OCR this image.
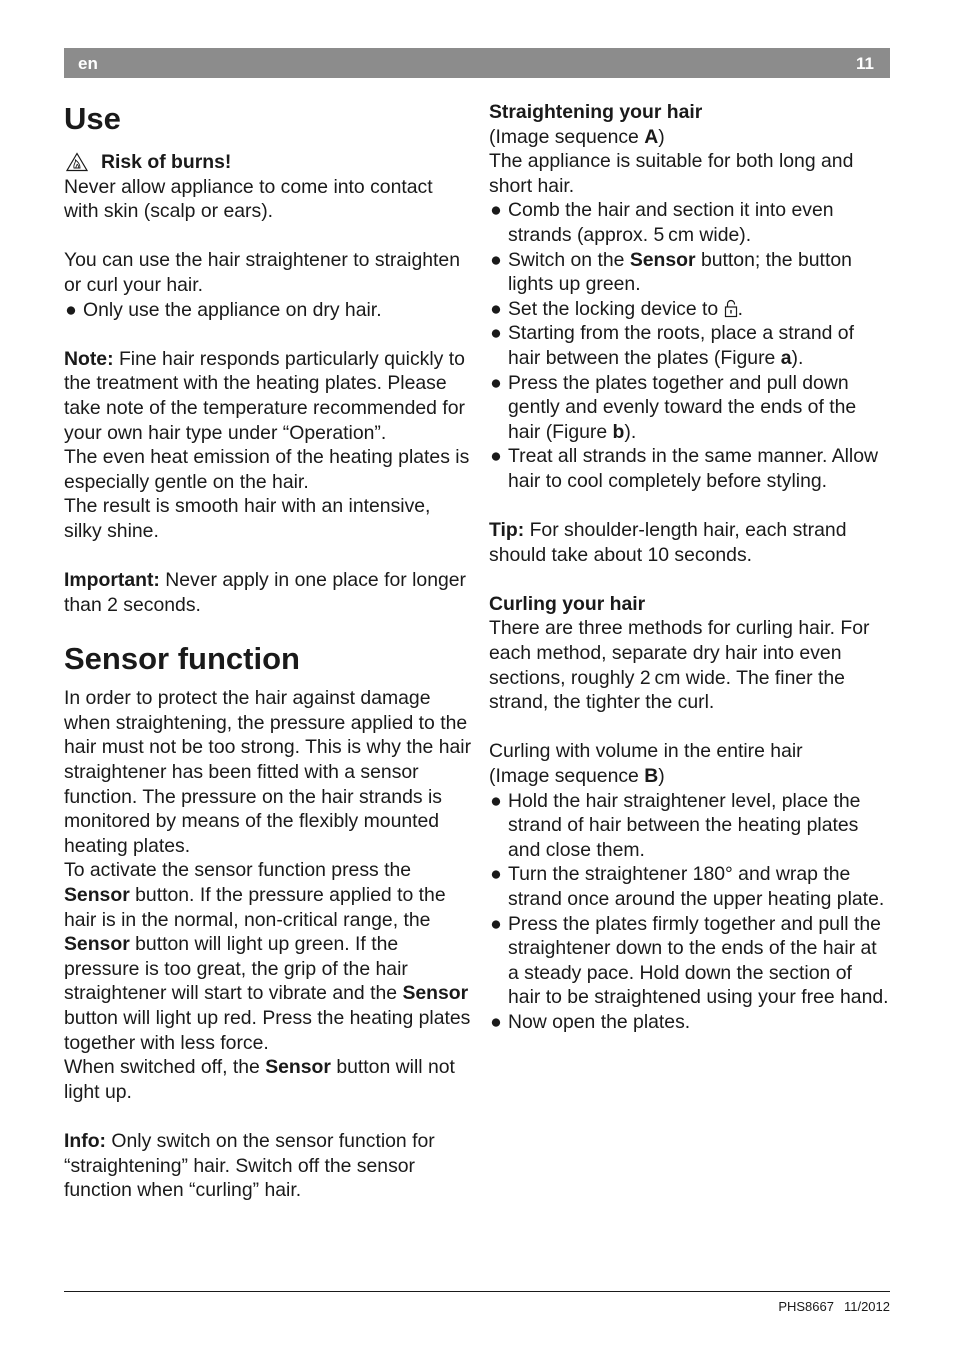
en	11
Use
Risk of burns!

Never allow appliance to come into contact with skin (scalp or ears).

You can use the hair straightener to straighten or curl your hair.

● Only use the appliance on dry hair.

Note: Fine hair responds particularly quickly to the treatment with the heating plates. Please take note of the temperature recommended for your own hair type under “Operation”.

The even heat emission of the heating plates is especially gentle on the hair.

The result is smooth hair with an intensive, silky shine.

Important: Never apply in one place for longer than 2 seconds.

Sensor function

In order to protect the hair against damage when straightening, the pressure applied to the hair must not be too strong. This is why the hair straightener has been fitted with a sensor function. The pressure on the hair strands is monitored by means of the flexibly mounted heating plates.

To activate the sensor function press the Sensor button. If the pressure applied to the hair is in the normal, non-critical range, the Sensor button will light up green. If the pressure is too great, the grip of the hair straightener will start to vibrate and the Sensor button will light up red. Press the heating plates together with less force.

When switched off, the Sensor button will not light up.

Info: Only switch on the sensor function for “straightening” hair. Switch off the sensor function when “curling” hair.

Straightening your hair

(Image sequence A)

The appliance is suitable for both long and short hair.

● Comb the hair and section it into even strands (approx. 5 cm wide).
● Switch on the Sensor button; the button lights up green.
● Set the locking device to .
● Starting from the roots, place a strand of hair between the plates (Figure a).
● Press the plates together and pull down gently and evenly toward the ends of the hair (Figure b).
● Treat all strands in the same manner. Allow hair to cool completely before styling.

Tip: For shoulder-length hair, each strand should take about 10 seconds.

Curling your hair

There are three methods for curling hair. For each method, separate dry hair into even sections, roughly 2 cm wide. The finer the strand, the tighter the curl.

Curling with volume in the entire hair

(Image sequence B)

● Hold the hair straightener level, place the strand of hair between the heating plates and close them.
● Turn the straightener 180° and wrap the strand once around the upper heating plate.
● Press the plates firmly together and pull the straightener down to the ends of the hair at a steady pace. Hold down the section of hair to be straightened using your free hand.
● Now open the plates.
PHS8667 11/2012
